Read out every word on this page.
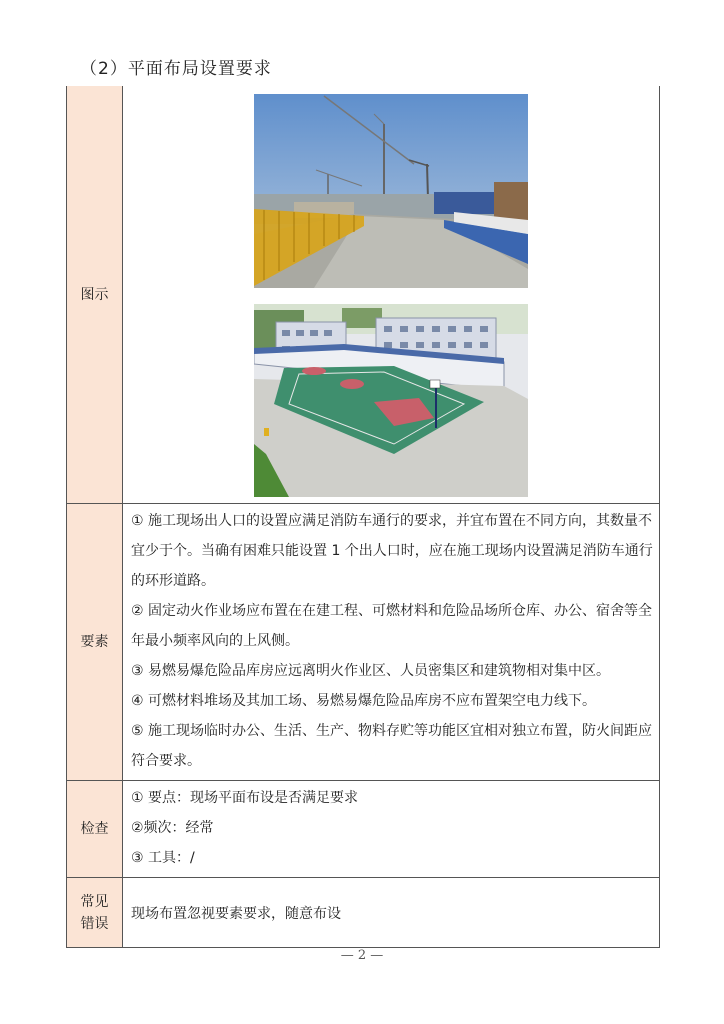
（2）平面布局设置要求
图示	

要素	① 施工现场出人口的设置应满足消防车通行的要求，并宜布置在不同方向，其数量不宜少于个。当确有困难只能设置 1 个出人口时，应在施工现场内设置满足消防车通行的环形道路。

② 固定动火作业场应布置在在建工程、可燃材料和危险品场所仓库、办公、宿舍等全年最小频率风向的上风侧。

③ 易燃易爆危险品库房应远离明火作业区、人员密集区和建筑物相对集中区。

④ 可燃材料堆场及其加工场、易燃易爆危险品库房不应布置架空电力线下。

⑤ 施工现场临时办公、生活、生产、物料存贮等功能区宜相对独立布置，防火间距应符合要求。

检查	① 要点：现场平面布设是否满足要求

②频次：经常

③ 工具：/

常见
错误	现场布置忽视要素要求，随意布设
— 2 —
